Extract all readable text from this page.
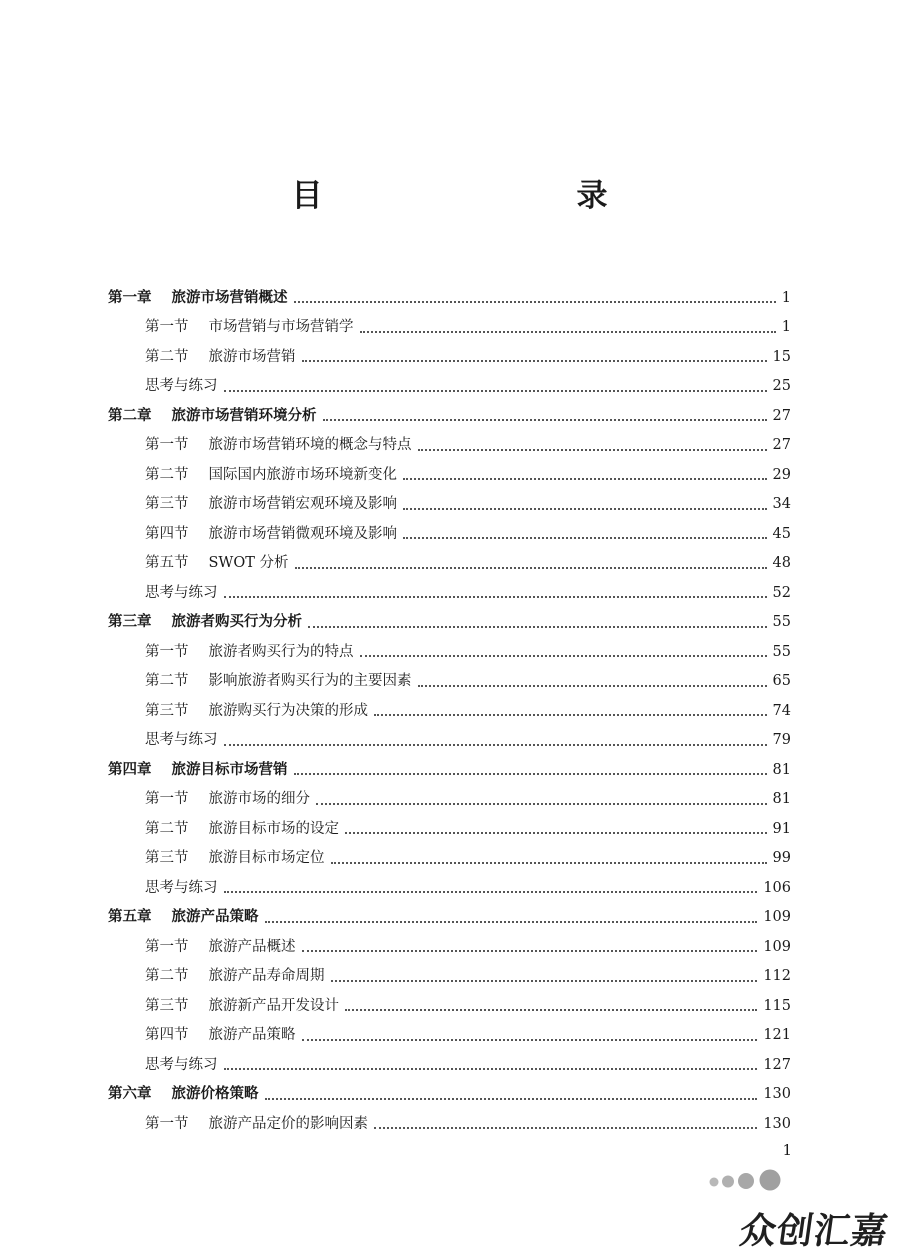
目　　录
第一章 旅游市场营销概述	1
第一节 市场营销与市场营销学	1
第二节 旅游市场营销	15
思考与练习	25
第二章 旅游市场营销环境分析	27
第一节 旅游市场营销环境的概念与特点	27
第二节 国际国内旅游市场环境新变化	29
第三节 旅游市场营销宏观环境及影响	34
第四节 旅游市场营销微观环境及影响	45
第五节 SWOT 分析	48
思考与练习	52
第三章 旅游者购买行为分析	55
第一节 旅游者购买行为的特点	55
第二节 影响旅游者购买行为的主要因素	65
第三节 旅游购买行为决策的形成	74
思考与练习	79
第四章 旅游目标市场营销	81
第一节 旅游市场的细分	81
第二节 旅游目标市场的设定	91
第三节 旅游目标市场定位	99
思考与练习	106
第五章 旅游产品策略	109
第一节 旅游产品概述	109
第二节 旅游产品寿命周期	112
第三节 旅游新产品开发设计	115
第四节 旅游产品策略	121
思考与练习	127
第六章 旅游价格策略	130
第一节 旅游产品定价的影响因素	130
1
众创汇嘉
